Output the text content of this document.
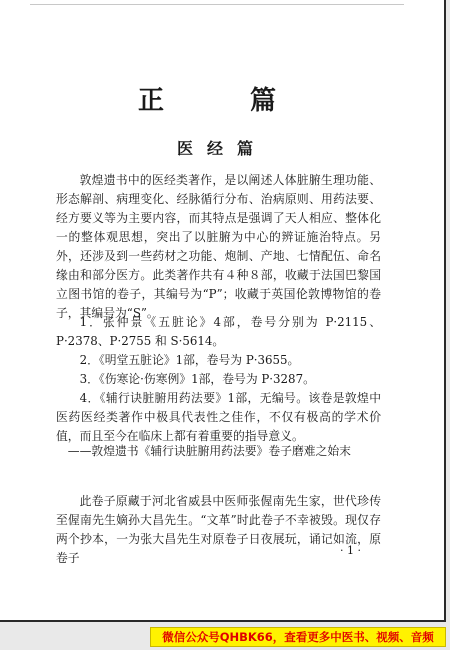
正　篇
医经篇

敦煌遗书中的医经类著作，是以阐述人体脏腑生理功能、形态解剖、病理变化、经脉循行分布、治病原则、用药法要、经方要义等为主要内容，而其特点是强调了天人相应、整体化一的整体观思想，突出了以脏腑为中心的辨证施治特点。另外，还涉及到一些药材之功能、炮制、产地、七情配伍、命名缘由和部分医方。此类著作共有４种８部，收藏于法国巴黎国立图书馆的卷子，其编号为“P”；收藏于英国伦敦博物馆的卷子，其编号为“S”。

1．张仲景《五脏论》4部，卷号分别为 P·2115、P·2378、P·2755 和 S·5614。

2．《明堂五脏论》1部，卷号为 P·3655。

3．《伤寒论·伤寒例》1部，卷号为 P·3287。

4．《辅行诀脏腑用药法要》1部，无编号。该卷是敦煌中医药医经类著作中极具代表性之佳作，不仅有极高的学术价值，而且至今在临床上都有着重要的指导意义。

——敦煌遗书《辅行诀脏腑用药法要》卷子磨难之始末

此卷子原藏于河北省威县中医师张偓南先生家，世代珍传至偓南先生嫡孙大昌先生。“文革”时此卷子不幸被毁。现仅存两个抄本，一为张大昌先生对原卷子日夜展玩，诵记如流，原卷子

· 1 ·
微信公众号QHBK66，查看更多中医书、视频、音频
